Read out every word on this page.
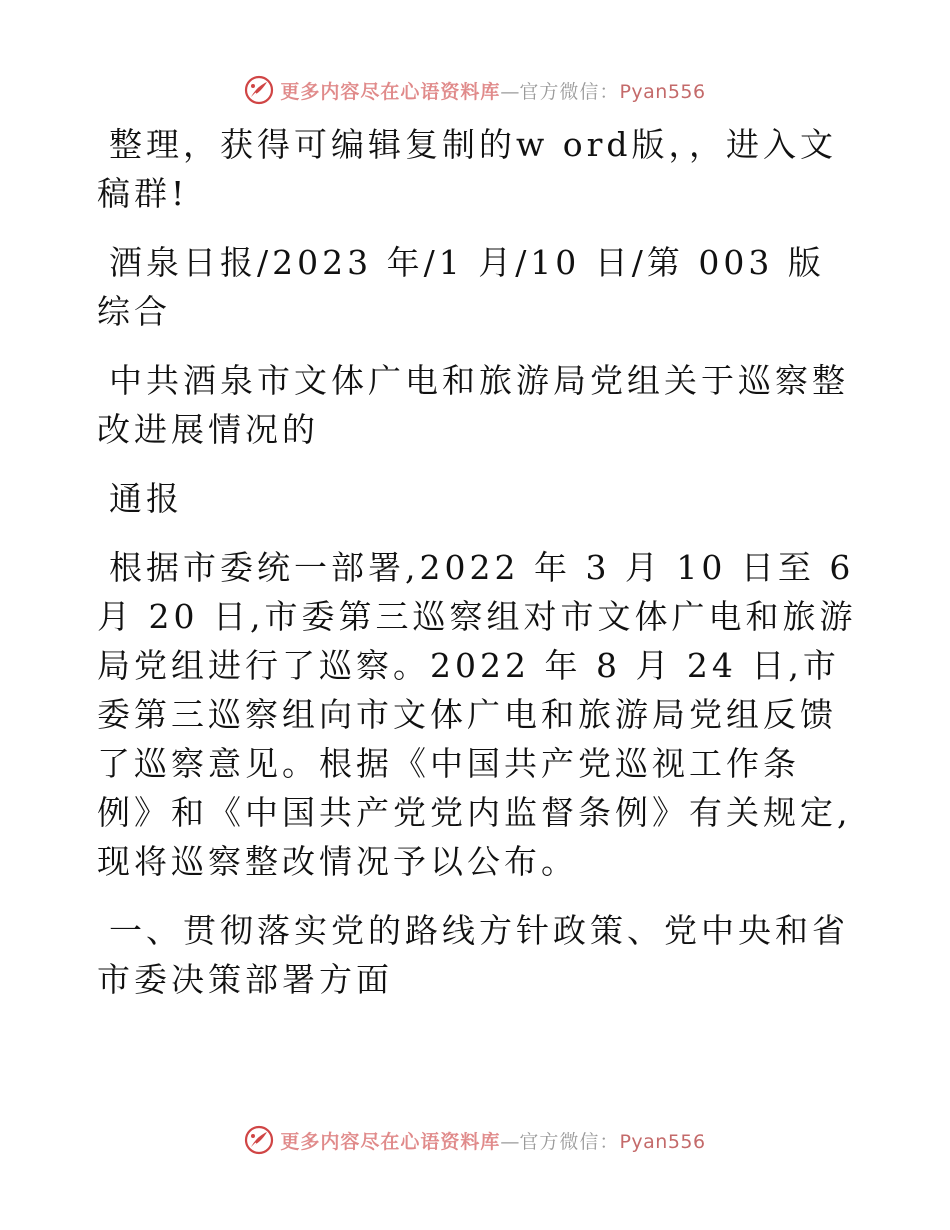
更多内容尽在心语资料库—官方微信：Pyan556

整理，获得可编辑复制的w ord版，，进入文稿群!

酒泉日报/2023 年/1 月/10 日/第 003 版综合

中共酒泉市文体广电和旅游局党组关于巡察整改进展情况的

通报

根据市委统一部署,2022 年 3 月 10 日至 6 月 20 日,市委第三巡察组对市文体广电和旅游局党组进行了巡察。2022 年 8 月 24 日,市委第三巡察组向市文体广电和旅游局党组反馈了巡察意见。根据《中国共产党巡视工作条例》和《中国共产党党内监督条例》有关规定,现将巡察整改情况予以公布。

一、贯彻落实党的路线方针政策、党中央和省市委决策部署方面

更多内容尽在心语资料库—官方微信：Pyan556
